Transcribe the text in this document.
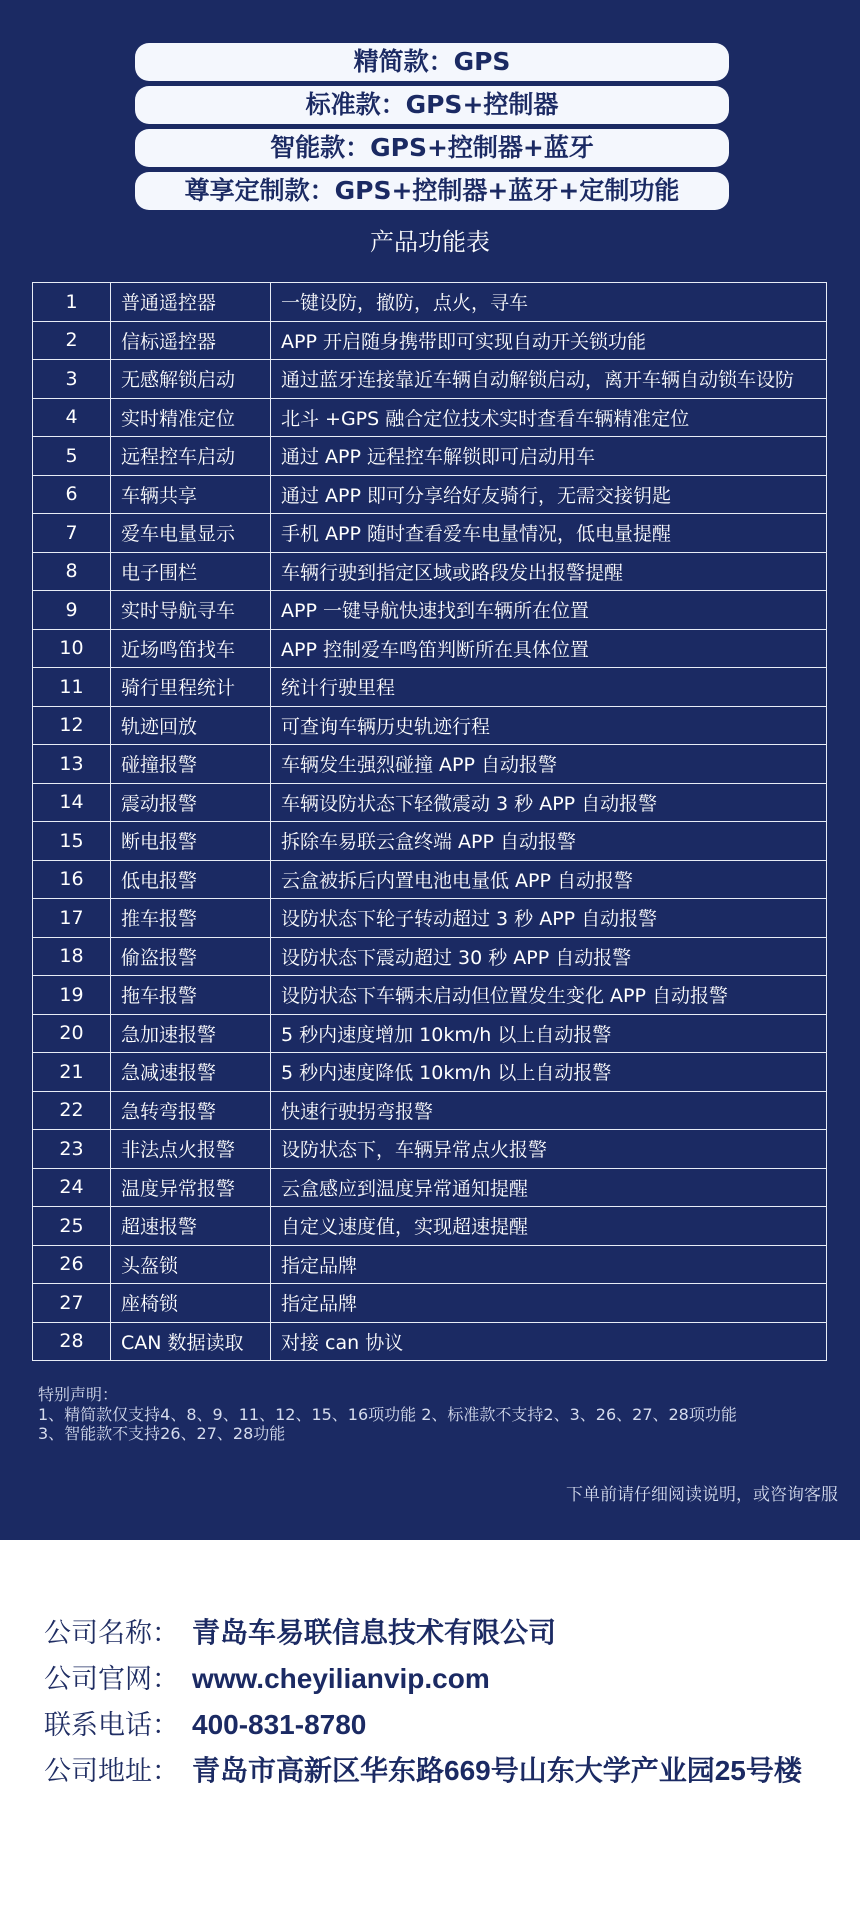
精简款：GPS
标准款：GPS+控制器
智能款：GPS+控制器+蓝牙
尊享定制款：GPS+控制器+蓝牙+定制功能
产品功能表
1	普通遥控器	一键设防，撤防，点火，寻车
2	信标遥控器	APP 开启随身携带即可实现自动开关锁功能
3	无感解锁启动	通过蓝牙连接靠近车辆自动解锁启动，离开车辆自动锁车设防
4	实时精准定位	北斗 +GPS 融合定位技术实时查看车辆精准定位
5	远程控车启动	通过 APP 远程控车解锁即可启动用车
6	车辆共享	通过 APP 即可分享给好友骑行，无需交接钥匙
7	爱车电量显示	手机 APP 随时查看爱车电量情况，低电量提醒
8	电子围栏	车辆行驶到指定区域或路段发出报警提醒
9	实时导航寻车	APP 一键导航快速找到车辆所在位置
10	近场鸣笛找车	APP 控制爱车鸣笛判断所在具体位置
11	骑行里程统计	统计行驶里程
12	轨迹回放	可查询车辆历史轨迹行程
13	碰撞报警	车辆发生强烈碰撞 APP 自动报警
14	震动报警	车辆设防状态下轻微震动 3 秒 APP 自动报警
15	断电报警	拆除车易联云盒终端 APP 自动报警
16	低电报警	云盒被拆后内置电池电量低 APP 自动报警
17	推车报警	设防状态下轮子转动超过 3 秒 APP 自动报警
18	偷盗报警	设防状态下震动超过 30 秒 APP 自动报警
19	拖车报警	设防状态下车辆未启动但位置发生变化 APP 自动报警
20	急加速报警	5 秒内速度增加 10km/h 以上自动报警
21	急减速报警	5 秒内速度降低 10km/h 以上自动报警
22	急转弯报警	快速行驶拐弯报警
23	非法点火报警	设防状态下，车辆异常点火报警
24	温度异常报警	云盒感应到温度异常通知提醒
25	超速报警	自定义速度值，实现超速提醒
26	头盔锁	指定品牌
27	座椅锁	指定品牌
28	CAN 数据读取	对接 can 协议
特别声明：
1、精简款仅支持4、8、9、11、12、15、16项功能 2、标准款不支持2、3、26、27、28项功能
3、智能款不支持26、27、28功能
下单前请仔细阅读说明，或咨询客服
公司名称： 青岛车易联信息技术有限公司
公司官网： www.cheyilianvip.com
联系电话： 400-831-8780
公司地址： 青岛市高新区华东路669号山东大学产业园25号楼
